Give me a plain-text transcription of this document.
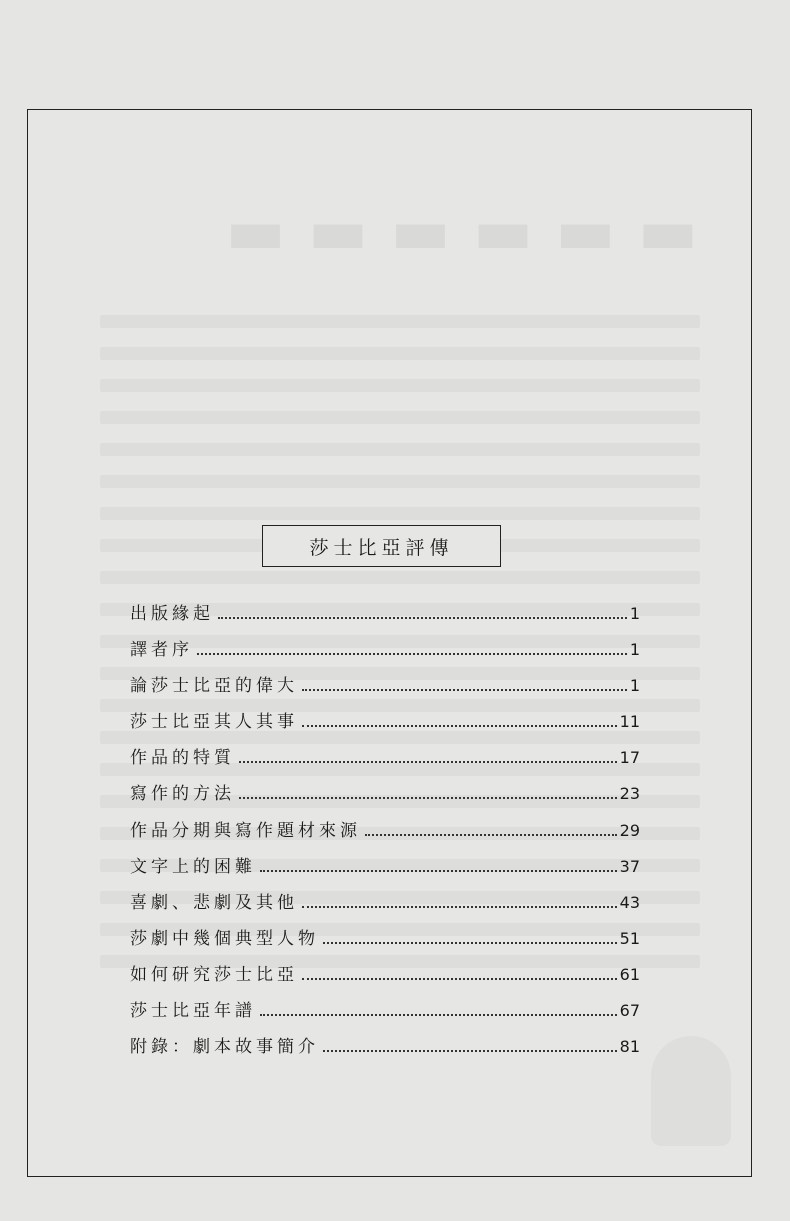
▬▬▬▬▬▬
莎士比亞評傳
出版緣起	1
譯者序	1
論莎士比亞的偉大	1
莎士比亞其人其事	11
作品的特質	17
寫作的方法	23
作品分期與寫作題材來源	29
文字上的困難	37
喜劇、悲劇及其他	43
莎劇中幾個典型人物	51
如何研究莎士比亞	61
莎士比亞年譜	67
附錄：劇本故事簡介	81
